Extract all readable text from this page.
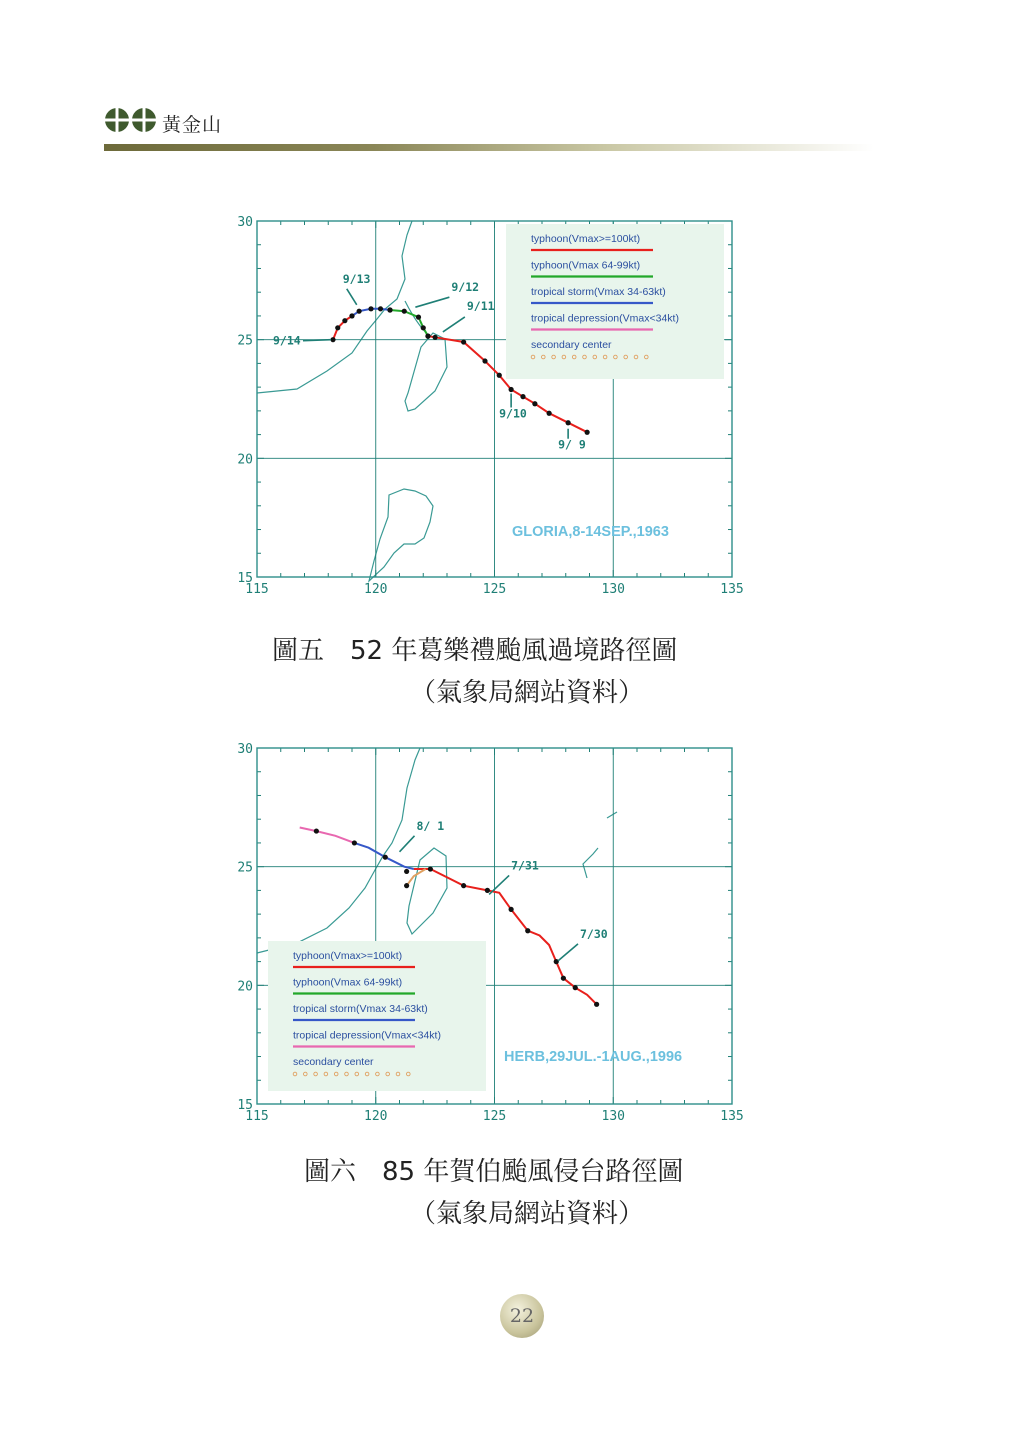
黃金山
115	120	125	130	135
15
20
25
30
typhoon(Vmax>=100kt)
typhoon(Vmax 64-99kt)
tropical storm(Vmax 34-63kt)
tropical depression(Vmax<34kt)
secondary center
9/14
9/13
9/12
9/11
9/10
9/ 9
GLORIA,8-14SEP.,1963
圖五　52 年葛樂禮颱風過境路徑圖
（氣象局網站資料）
115	120	125	130	135
15
20
25
30
typhoon(Vmax>=100kt)
typhoon(Vmax 64-99kt)
tropical storm(Vmax 34-63kt)
tropical depression(Vmax<34kt)
secondary center
8/ 1
7/31
7/30
HERB,29JUL.-1AUG.,1996
圖六　85 年賀伯颱風侵台路徑圖
（氣象局網站資料）
22
